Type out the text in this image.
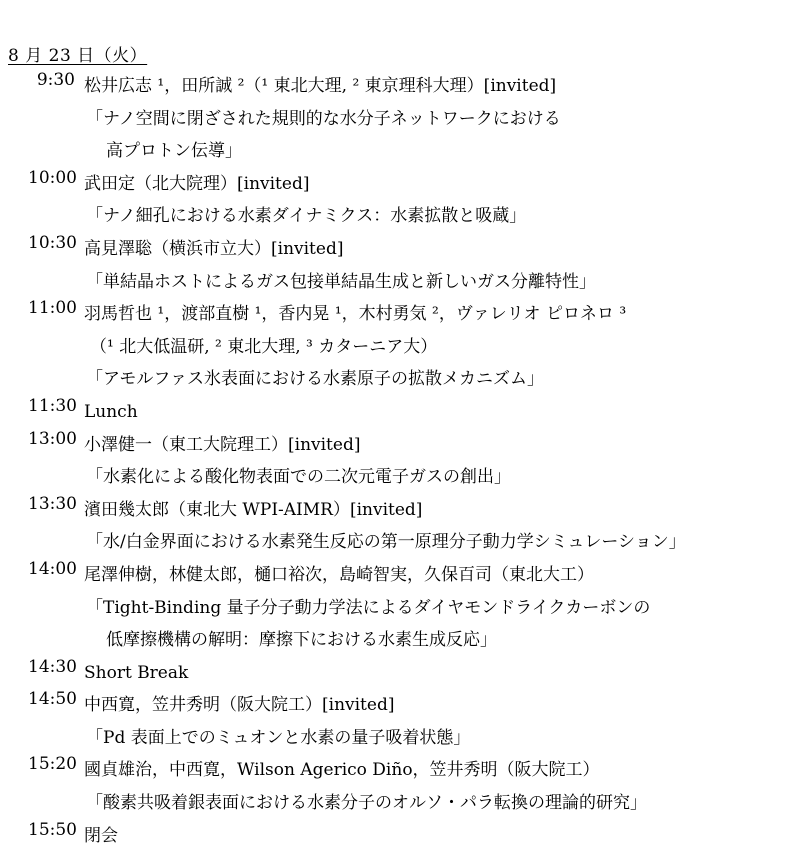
8 月 23 日（火）
9:30 松井広志 ¹，田所誠 ²（¹ 東北大理, ² 東京理科大理）[invited]
「ナノ空間に閉ざされた規則的な水分子ネットワークにおける
高プロトン伝導」
10:00 武田定（北大院理）[invited]
「ナノ細孔における水素ダイナミクス：水素拡散と吸蔵」
10:30 高見澤聡（横浜市立大）[invited]
「単結晶ホストによるガス包接単結晶生成と新しいガス分離特性」
11:00 羽馬哲也 ¹，渡部直樹 ¹，香内晃 ¹，木村勇気 ²，ヴァレリオ ピロネロ ³
（¹ 北大低温研, ² 東北大理, ³ カターニア大）
「アモルファス氷表面における水素原子の拡散メカニズム」
11:30 Lunch
13:00 小澤健一（東工大院理工）[invited]
「水素化による酸化物表面での二次元電子ガスの創出」
13:30 濱田幾太郎（東北大 WPI-AIMR）[invited]
「水/白金界面における水素発生反応の第一原理分子動力学シミュレーション」
14:00 尾澤伸樹，林健太郎，樋口裕次，島崎智実，久保百司（東北大工）
「Tight-Binding 量子分子動力学法によるダイヤモンドライクカーボンの
低摩擦機構の解明：摩擦下における水素生成反応」
14:30 Short Break
14:50 中西寛，笠井秀明（阪大院工）[invited]
「Pd 表面上でのミュオンと水素の量子吸着状態」
15:20 國貞雄治，中西寛，Wilson Agerico Diño，笠井秀明（阪大院工）
「酸素共吸着銀表面における水素分子のオルソ・パラ転換の理論的研究」
15:50 閉会
